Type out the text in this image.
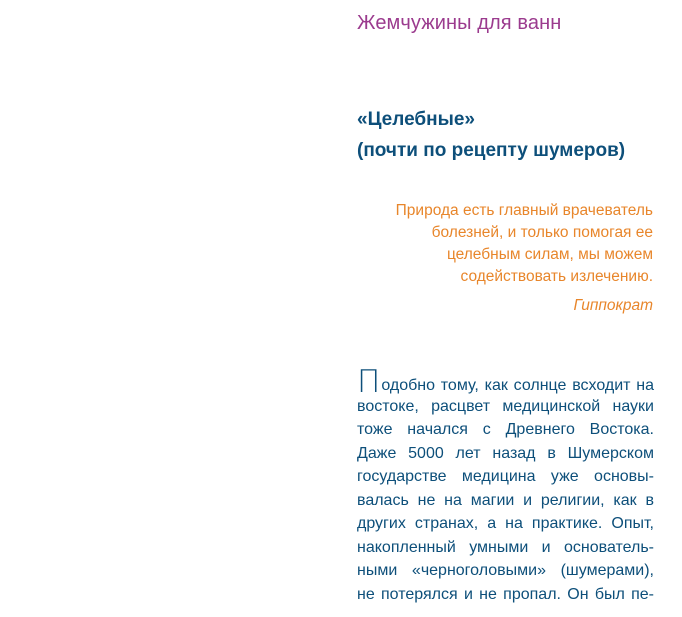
Жемчужины для ванн
«Целебные»
(почти по рецепту шумеров)
Природа есть главный врачеватель
болезней, и только помогая ее
целебным силам, мы можем
содействовать излечению.
Гиппократ
Подобно тому, как солнце всходит на
востоке, расцвет медицинской науки
тоже начался с Древнего Востока.
Даже 5000 лет назад в Шумерском
государстве медицина уже основы-
валась не на магии и религии, как в
других странах, а на практике. Опыт,
накопленный умными и основатель-
ными «черноголовыми» (шумерами),
не потерялся и не пропал. Он был пе-
